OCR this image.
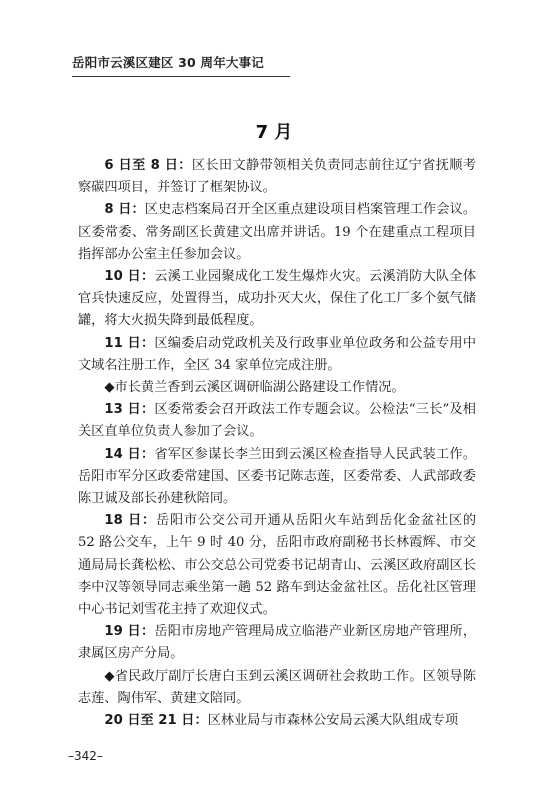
岳阳市云溪区建区 30 周年大事记
7 月

6 日至 8 日：区长田文静带领相关负责同志前往辽宁省抚顺考察碳四项目，并签订了框架协议。

8 日：区史志档案局召开全区重点建设项目档案管理工作会议。区委常委、常务副区长黄建文出席并讲话。19 个在建重点工程项目指挥部办公室主任参加会议。

10 日：云溪工业园聚成化工发生爆炸火灾。云溪消防大队全体官兵快速反应，处置得当，成功扑灭大火，保住了化工厂多个氨气储罐，将大火损失降到最低程度。

11 日：区编委启动党政机关及行政事业单位政务和公益专用中文域名注册工作，全区 34 家单位完成注册。

◆市长黄兰香到云溪区调研临湖公路建设工作情况。

13 日：区委常委会召开政法工作专题会议。公检法“三长”及相关区直单位负责人参加了会议。

14 日：省军区参谋长李兰田到云溪区检查指导人民武装工作。岳阳市军分区政委常建国、区委书记陈志莲，区委常委、人武部政委陈卫诚及部长孙建秋陪同。

18 日：岳阳市公交公司开通从岳阳火车站到岳化金盆社区的 52 路公交车，上午 9 时 40 分，岳阳市政府副秘书长林霞辉、市交通局局长龚松松、市公交总公司党委书记胡青山、云溪区政府副区长李中汉等领导同志乘坐第一趟 52 路车到达金盆社区。岳化社区管理中心书记刘雪花主持了欢迎仪式。

19 日：岳阳市房地产管理局成立临港产业新区房地产管理所，隶属区房产分局。

◆省民政厅副厅长唐白玉到云溪区调研社会救助工作。区领导陈志莲、陶伟军、黄建文陪同。

20 日至 21 日：区林业局与市森林公安局云溪大队组成专项

–342–
